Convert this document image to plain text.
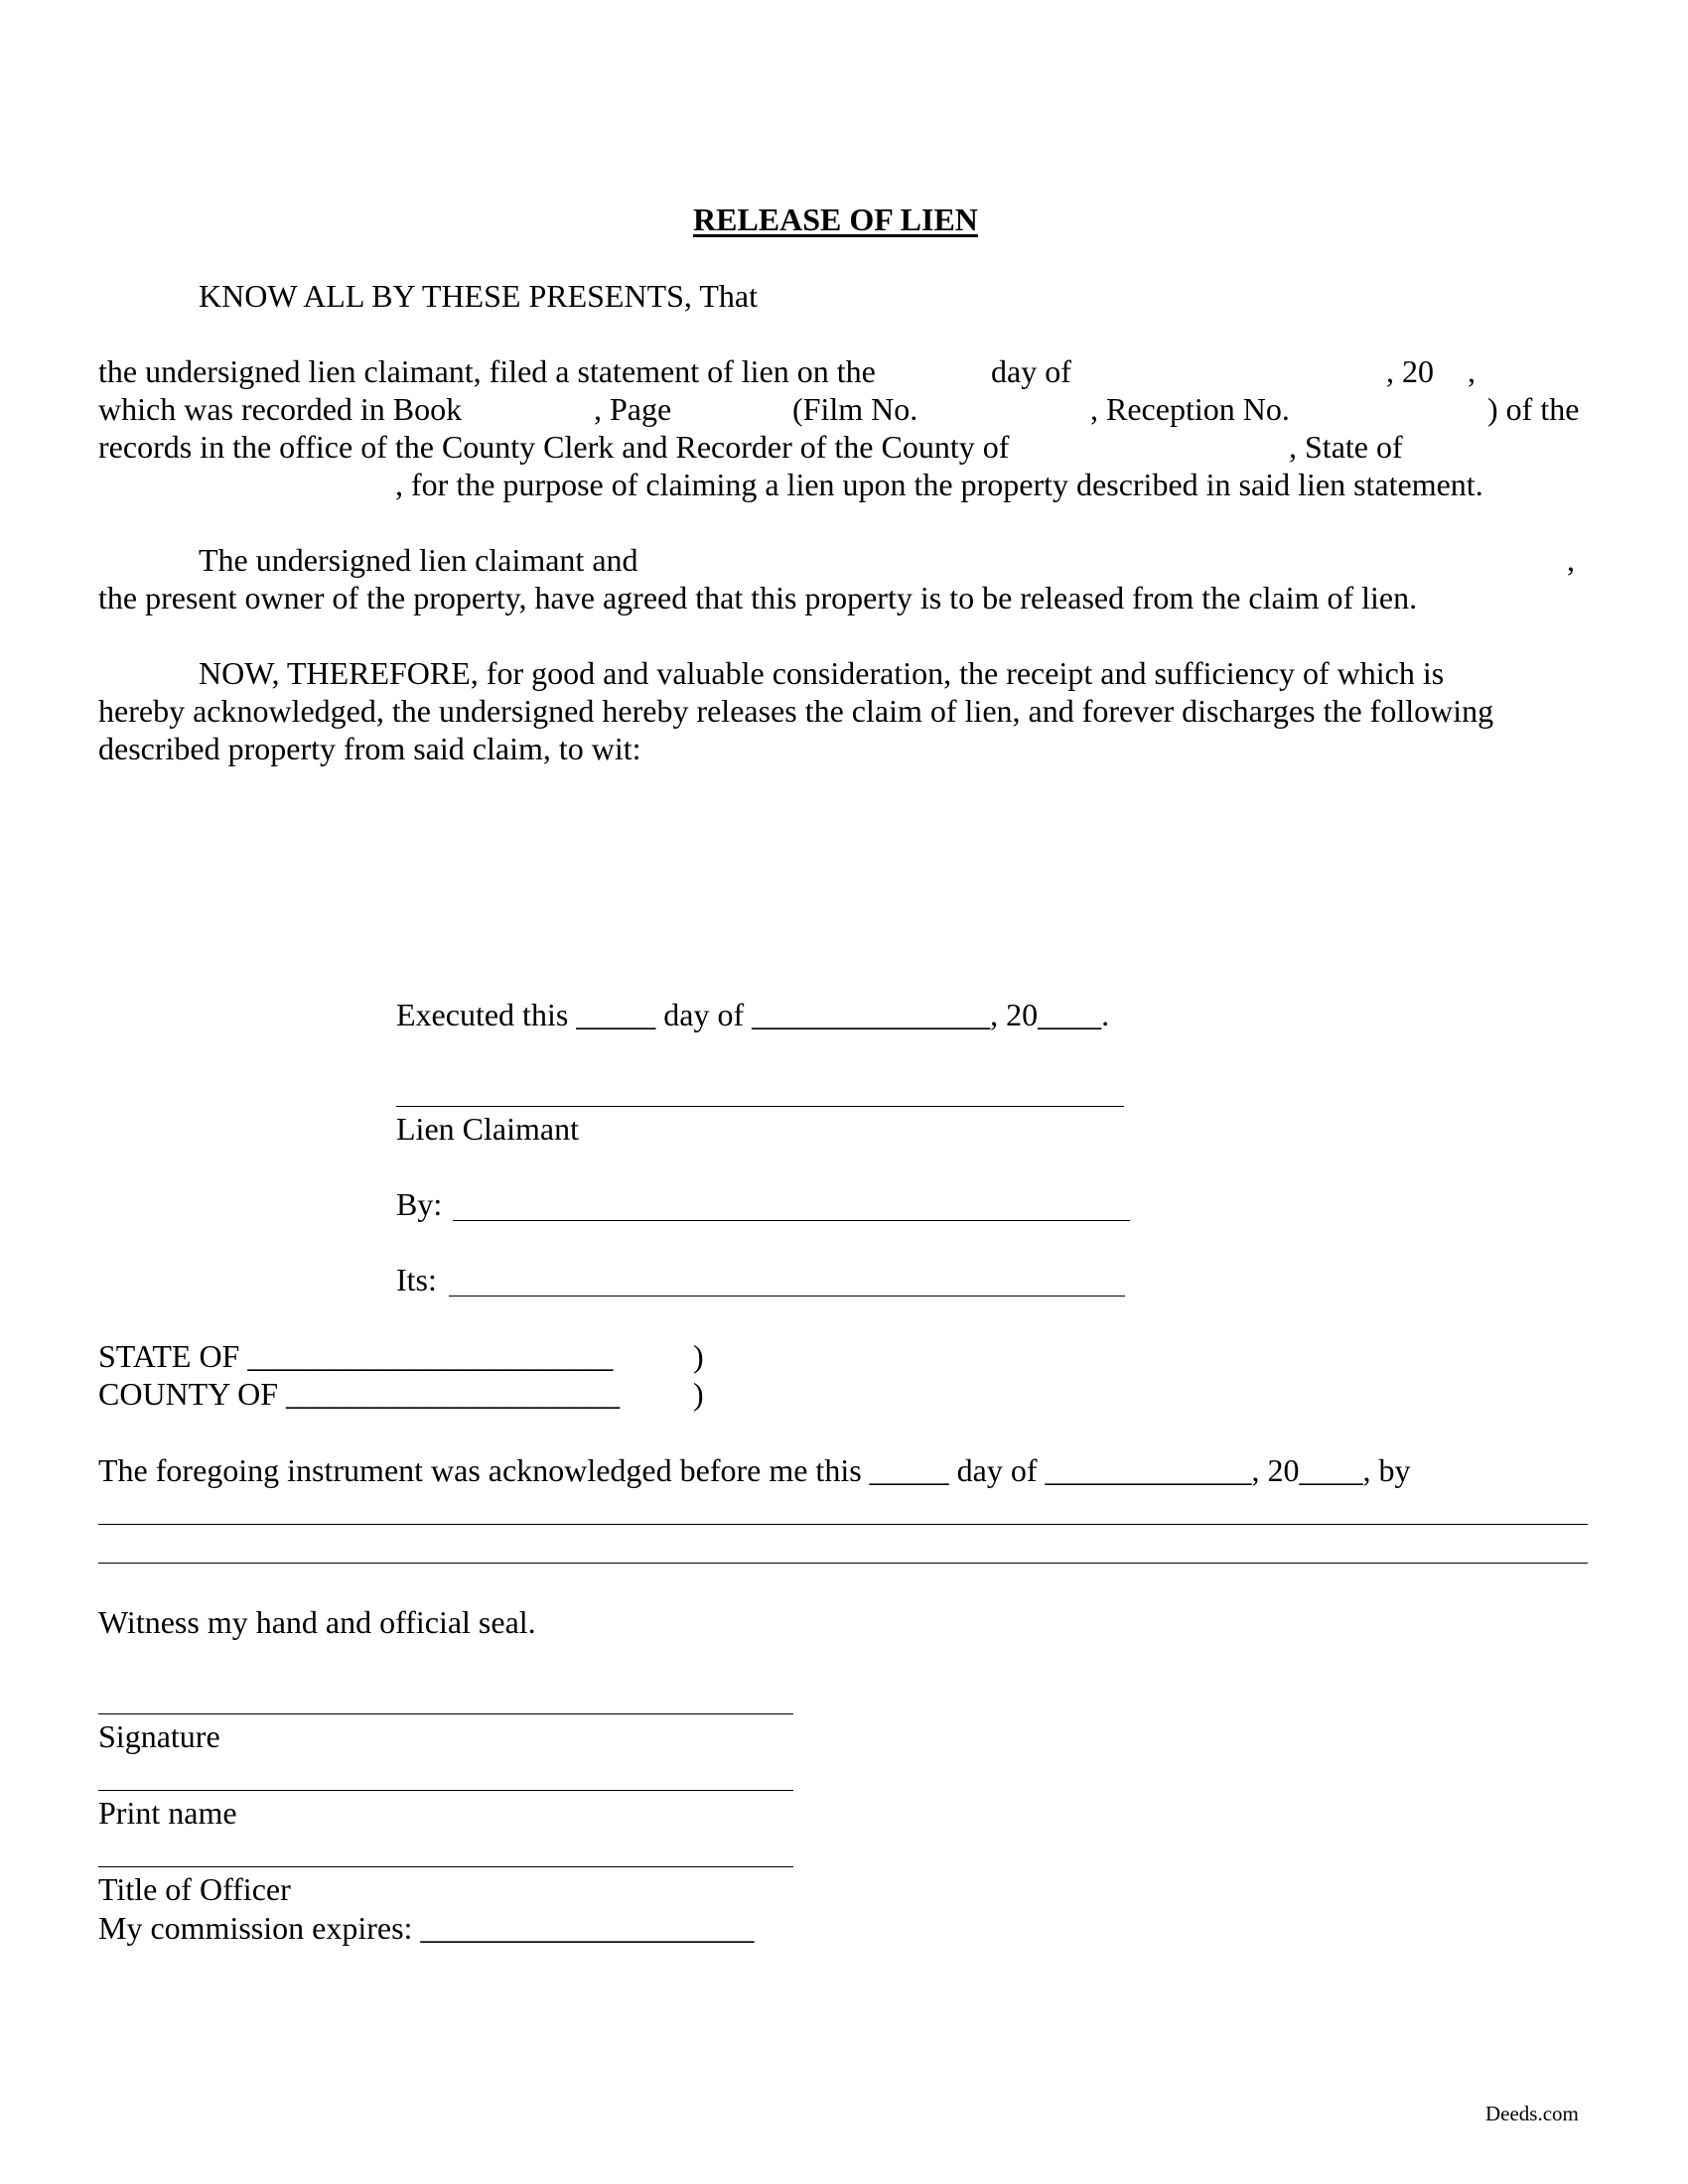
RELEASE OF LIEN
KNOW ALL BY THESE PRESENTS, That
the undersigned lien claimant, filed a statement of lien on the	day of	, 20 ,
which was recorded in Book	, Page	(Film No.	, Reception No.	) of the
records in the office of the County Clerk and Recorder of the County of	, State of
, for the purpose of claiming a lien upon the property described in said lien statement.
The undersigned lien claimant and	,
the present owner of the property, have agreed that this property is to be released from the claim of lien.
NOW, THEREFORE, for good and valuable consideration, the receipt and sufficiency of which is
hereby acknowledged, the undersigned hereby releases the claim of lien, and forever discharges the following
described property from said claim, to wit:
Executed this _____ day of _______________, 20____.
Lien Claimant
By:
Its:
STATE OF _______________________	)
COUNTY OF _____________________ )
The foregoing instrument was acknowledged before me this _____ day of _____________, 20____, by
Witness my hand and official seal.
Signature
Print name
Title of Officer
My commission expires: _____________________
Deeds.com
